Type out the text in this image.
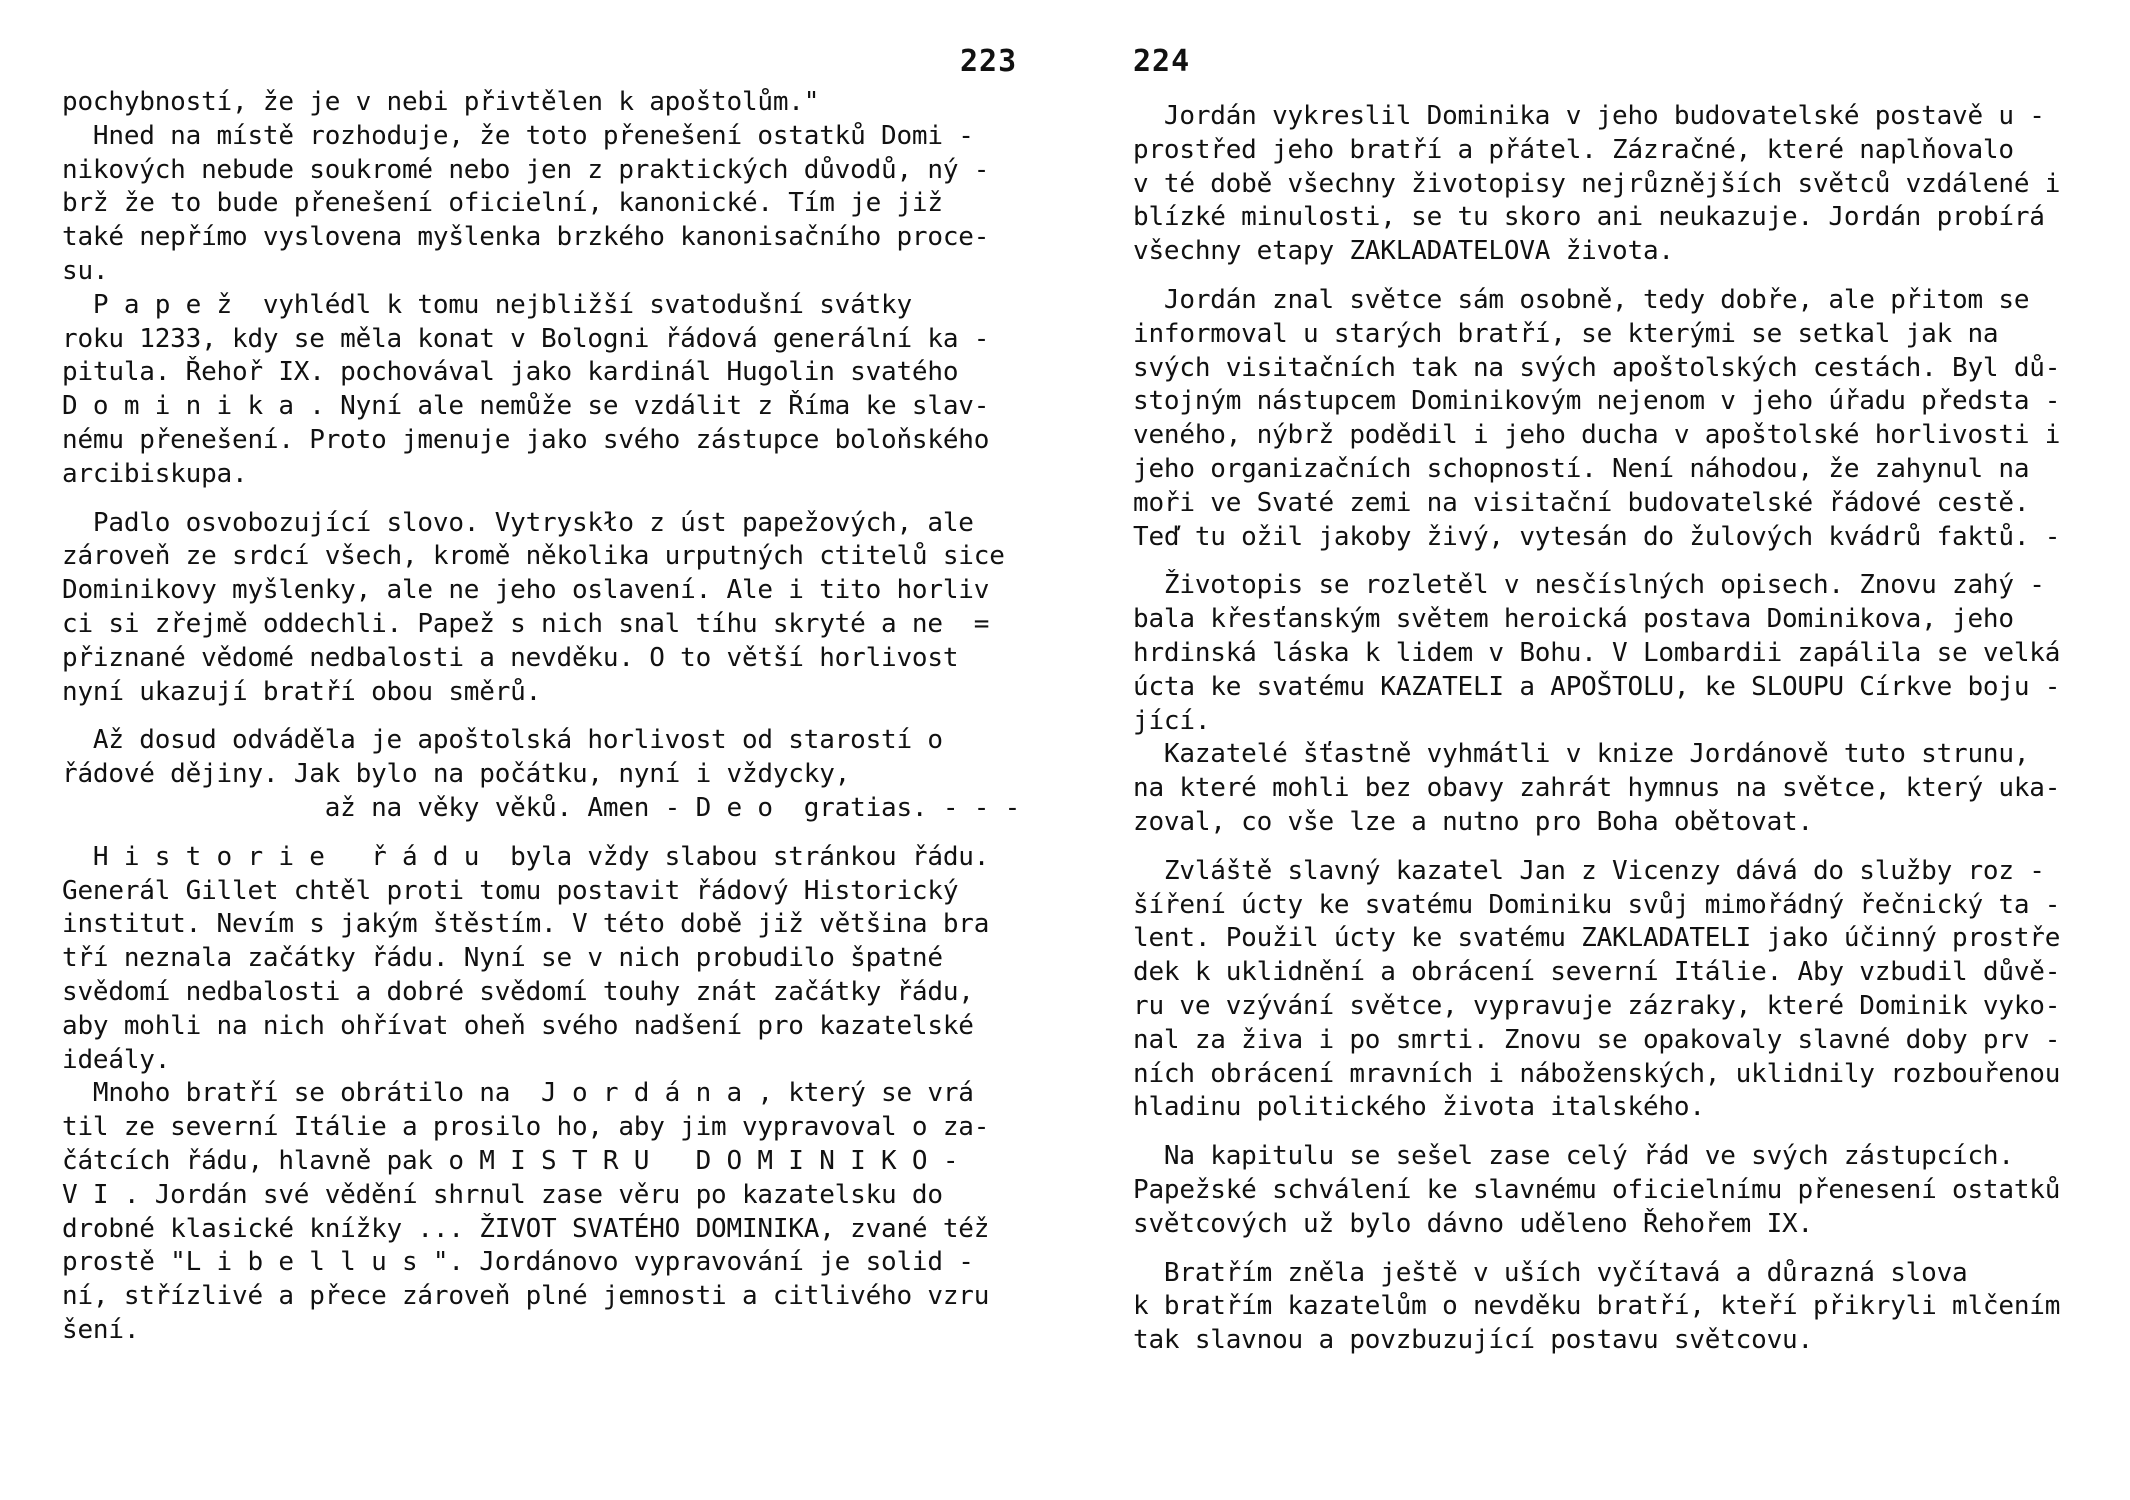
223
pochybností, že je v nebi přivtělen k apoštolům."
Hned na místě rozhoduje, že toto přenešení ostatků Domi -
nikových nebude soukromé nebo jen z praktických důvodů, ný -
brž že to bude přenešení oficielní, kanonické. Tím je již
také nepřímo vyslovena myšlenka brzkého kanonisačního proce-
su.
P a p e ž  vyhlédl k tomu nejbližší svatodušní svátky
roku 1233, kdy se měla konat v Bologni řádová generální ka -
pitula. Řehoř IX. pochovával jako kardinál Hugolin svatého
D o m i n i k a . Nyní ale nemůže se vzdálit z Říma ke slav-
nému přenešení. Proto jmenuje jako svého zástupce boloňského
arcibiskupa.
Padlo osvobozující slovo. Vytryskło z úst papežových, ale
zároveň ze srdcí všech, kromě několika urputných ctitelů sice
Dominikovy myšlenky, ale ne jeho oslavení. Ale i tito horliv
ci si zřejmě oddechli. Papež s nich snal tíhu skryté a ne  =
přiznané vědomé nedbalosti a nevděku. O to větší horlivost
nyní ukazují bratří obou směrů.
Až dosud odváděla je apoštolská horlivost od starostí o
řádové dějiny. Jak bylo na počátku, nyní i vždycky,
až na věky věků. Amen - D e o  gratias. - - -
H i s t o r i e   ř á d u  byla vždy slabou stránkou řádu.
Generál Gillet chtěl proti tomu postavit řádový Historický
institut. Nevím s jakým štěstím. V této době již většina bra
tří neznala začátky řádu. Nyní se v nich probudilo špatné
svědomí nedbalosti a dobré svědomí touhy znát začátky řádu,
aby mohli na nich ohřívat oheň svého nadšení pro kazatelské
ideály.
Mnoho bratří se obrátilo na  J o r d á n a , který se vrá
til ze severní Itálie a prosilo ho, aby jim vypravoval o za-
čátcích řádu, hlavně pak o M I S T R U   D O M I N I K O -
V I . Jordán své vědění shrnul zase věru po kazatelsku do
drobné klasické knížky ... ŽIVOT SVATÉHO DOMINIKA, zvané též
prostě "L i b e l l u s ". Jordánovo vypravování je solid -
ní, střízlivé a přece zároveň plné jemnosti a citlivého vzru
šení.
224
Jordán vykreslil Dominika v jeho budovatelské postavě u -
prostřed jeho bratří a přátel. Zázračné, které naplňovalo
v té době všechny životopisy nejrůznějších světců vzdálené i
blízké minulosti, se tu skoro ani neukazuje. Jordán probírá
všechny etapy ZAKLADATELOVA života.
Jordán znal světce sám osobně, tedy dobře, ale přitom se
informoval u starých bratří, se kterými se setkal jak na
svých visitačních tak na svých apoštolských cestách. Byl dů-
stojným nástupcem Dominikovým nejenom v jeho úřadu předsta -
veného, nýbrž podědil i jeho ducha v apoštolské horlivosti i
jeho organizačních schopností. Není náhodou, že zahynul na
moři ve Svaté zemi na visitační budovatelské řádové cestě.
Teď tu ožil jakoby živý, vytesán do žulových kvádrů faktů. -
Životopis se rozletěl v nesčíslných opisech. Znovu zahý -
bala křesťanským světem heroická postava Dominikova, jeho
hrdinská láska k lidem v Bohu. V Lombardii zapálila se velká
úcta ke svatému KAZATELI a APOŠTOLU, ke SLOUPU Církve boju -
jící.
Kazatelé šťastně vyhmátli v knize Jordánově tuto strunu,
na které mohli bez obavy zahrát hymnus na světce, který uka-
zoval, co vše lze a nutno pro Boha obětovat.
Zvláště slavný kazatel Jan z Vicenzy dává do služby roz -
šíření úcty ke svatému Dominiku svůj mimořádný řečnický ta -
lent. Použil úcty ke svatému ZAKLADATELI jako účinný prostře
dek k uklidnění a obrácení severní Itálie. Aby vzbudil důvě-
ru ve vzývání světce, vypravuje zázraky, které Dominik vyko-
nal za živa i po smrti. Znovu se opakovaly slavné doby prv -
ních obrácení mravních i náboženských, uklidnily rozbouřenou
hladinu politického života italského.
Na kapitulu se sešel zase celý řád ve svých zástupcích.
Papežské schválení ke slavnému oficielnímu přenesení ostatků
světcových už bylo dávno uděleno Řehořem IX.
Bratřím zněla ještě v uších vyčítavá a důrazná slova
k bratřím kazatelům o nevděku bratří, kteří přikryli mlčením
tak slavnou a povzbuzující postavu světcovu.
